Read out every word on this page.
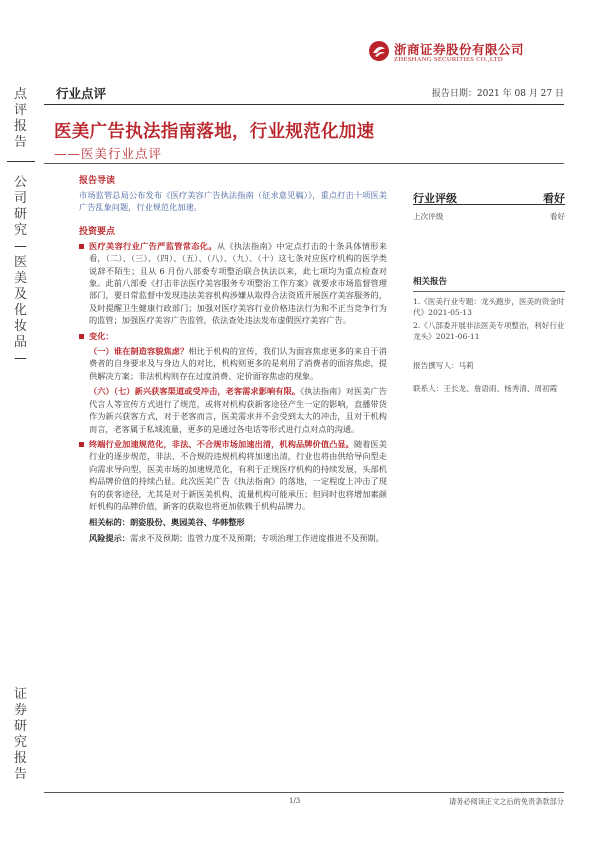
浙商证券股份有限公司
ZHESHANG SECURITIES CO.,LTD
点评报告
公司研究—医美及化妆品—
证券研究报告
行业点评	报告日期：2021 年 08 月 27 日
医美广告执法指南落地，行业规范化加速
——医美行业点评
报告导读
市场监管总局公布发布《医疗美容广告执法指南（征求意见稿）》，重点打击十项医美广告乱象问题，行业规范化加速。
投资要点
医疗美容行业广告严监管常态化。从《执法指南》中定点打击的十条具体情形来看，（二）、（三）、（四）、（五）、（八）、（九）、（十）这七条对应医疗机构的医学类说辞不陌生；且从 6 月份八部委专项整治联合执法以来，此七项均为重点检查对象。此前八部委《打击非法医疗美容服务专项整治工作方案》就要求市场监督管理部门，要日常监督中发现违法美容机构涉嫌从取得合法资质开展医疗美容服务的，及时提醒卫生健康行政部门；加强对医疗美容行业价格违法行为和不正当竞争行为的监管；加强医疗美容广告监管，依法查处违法发布虚假医疗美容广告。
变化：
（一）谁在制造容貌焦虑？相比于机构的宣传，我们认为面容焦虑更多的来自于消费者的自身要求及与身边人的对比，机构则更多的是利用了消费者的面容焦虑，提供解决方案；非法机构则存在过度消费、定价面容焦虑的现象。
（六）（七）新兴获客渠道或受冲击，老客需求影响有限。《执法指南》对医美广告代言人等宣传方式进行了规范，或将对机构获新客途径产生一定的影响，直播带货作为新兴获客方式，对于老客而言，医美需求并不会受到太大的冲击，且对于机构而言，老客属于私域流量，更多的是通过各电话等形式进行点对点的沟通。
终端行业加速规范化，非法、不合规市场加速出清，机构品牌价值凸显。随着医美行业的逐步规范，非法、不合规的违规机构将加速出清，行业也将由供给导向型走向需求导向型，医美市场的加速规范化，有利于正规医疗机构的持续发展，头部机构品牌价值的持续凸显。此次医美广告《执法指南》的落地，一定程度上冲击了现有的获客途径，尤其是对于新医美机构，流量机构可能承压；但同时也将增加素颜好机构的品牌价值，新客的获取也将更加依赖于机构品牌力。
相关标的：朗姿股份、奥园美谷、华韩整形
风险提示：需求不及预期；监管力度不及预期；专项治理工作进度推进不及预期。
行业评级	看好
上次评级	看好
相关报告
1.《医美行业专题：龙头跑步，医美的资金时代》2021-05-13
2.《八部委开展非法医美专项整治，利好行业龙头》2021-06-11
报告撰写人：马莉
联系人：王长龙、詹语雨、杨秀清、周初霞
1/3	请务必阅读正文之后的免责条款部分
